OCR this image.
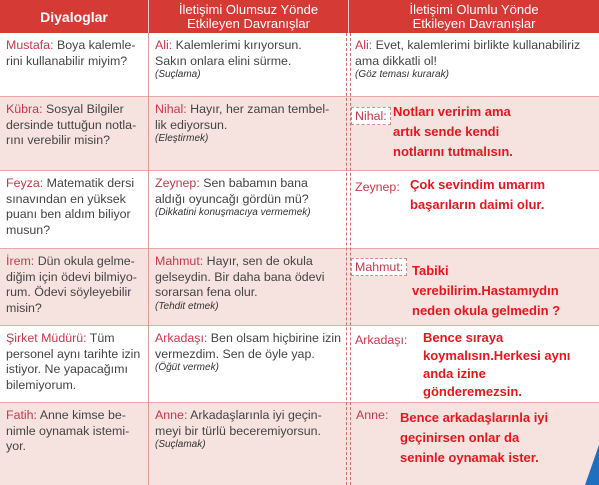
Diyaloglar	İletişimi Olumsuz Yönde
Etkileyen Davranışlar
İletişimi Olumlu Yönde
Etkileyen Davranışlar
Mustafa: Boya kalemle-
rini kullanabilir miyim?
Ali: Kalemlerimi kırıyorsun.
Sakın onlara elini sürme.
(Suçlama)
Ali: Evet, kalemlerimi birlikte kullanabiliriz
ama dikkatli ol!
(Göz teması kurarak)
Kübra: Sosyal Bilgiler
dersinde tuttuğun notla-
rını verebilir misin?
Nihal: Hayır, her zaman tembel-
lik ediyorsun.
(Eleştirmek)
Nihal: Notları veririm ama
artık sende kendi
notlarını tutmalısın.
Feyza: Matematik dersi
sınavından en yüksek
puanı ben aldım biliyor
musun?
Zeynep: Sen babamın bana
aldığı oyuncağı gördün mü?
(Dikkatini konuşmacıya vermemek)
Zeynep: Çok sevindim umarım
başarıların daimi olur.
İrem: Dün okula gelme-
diğim için ödevi bilmiyo-
rum. Ödevi söyleyebilir
misin?
Mahmut: Hayır, sen de okula
gelseydin. Bir daha bana ödevi
sorarsan fena olur.
(Tehdit etmek)
Mahmut: Tabiki
verebilirim.Hastamıydın
neden okula gelmedin ?
Şirket Müdürü: Tüm
personel aynı tarihte izin
istiyor. Ne yapacağımı
bilemiyorum.
Arkadaşı: Ben olsam hiçbirine izin
vermezdim. Sen de öyle yap.
(Öğüt vermek)
Arkadaşı: Bence sıraya
koymalısın.Herkesi aynı
anda izine
gönderemezsin.
Fatih: Anne kimse be-
nimle oynamak istemi-
yor.
Anne: Arkadaşlarınla iyi geçin-
meyi bir türlü beceremiyorsun.
(Suçlamak)
Anne: Bence arkadaşlarınla iyi
geçinirsen onlar da
seninle oynamak ister.
